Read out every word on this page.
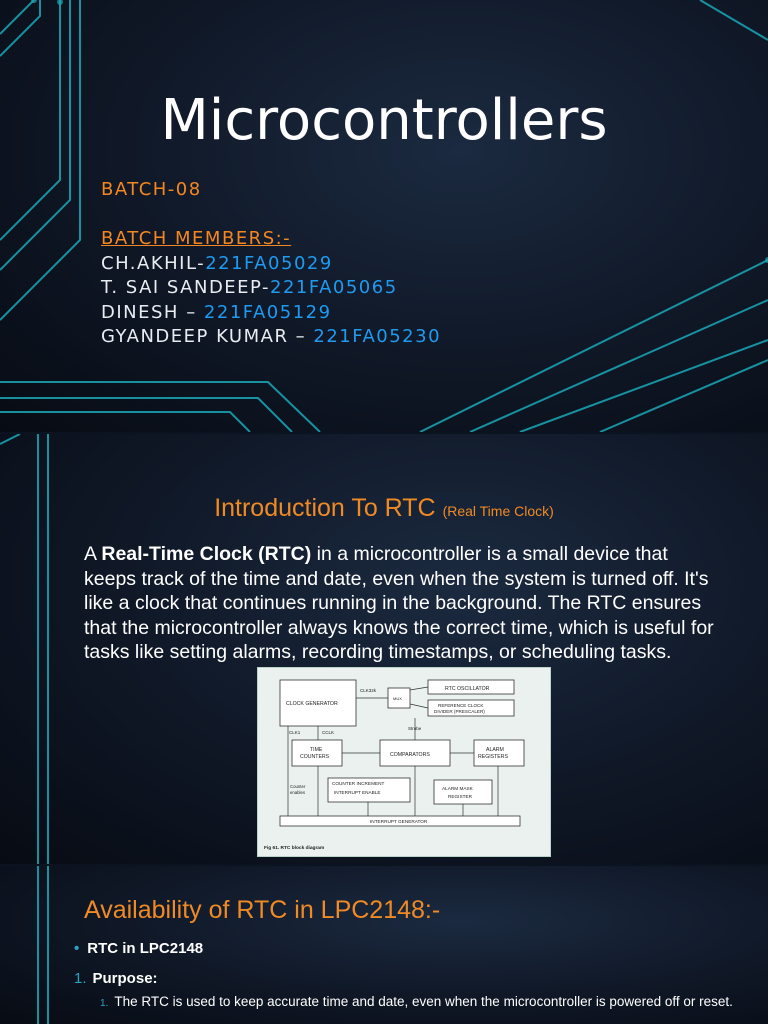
Microcontrollers
BATCH-08
BATCH MEMBERS:-
CH.AKHIL-221FA05029
T. SAI SANDEEP-221FA05065
DINESH – 221FA05129
GYANDEEP KUMAR – 221FA05230
Introduction To RTC (Real Time Clock)
A Real-Time Clock (RTC) in a microcontroller is a small device that keeps track of the time and date, even when the system is turned off. It's like a clock that continues running in the background. The RTC ensures that the microcontroller always knows the correct time, which is useful for tasks like setting alarms, recording timestamps, or scheduling tasks.
CLOCK GENERATOR
CLK32k
MUX
RTC OSCILLATOR
REFERENCE CLOCK
DIVIDER (PRESCALER)
Strobe
CLK1	CCLK
TIME
COUNTERS	COMPARATORS
ALARM
REGISTERS
Counter
enables
COUNTER INCREMENT
INTERRUPT ENABLE
ALARM MASK
REGISTER
INTERRUPT GENERATOR
Fig 61. RTC block diagram
Availability of RTC in LPC2148:-
• RTC in LPC2148
1. Purpose:
1. The RTC is used to keep accurate time and date, even when the microcontroller is powered off or reset.
